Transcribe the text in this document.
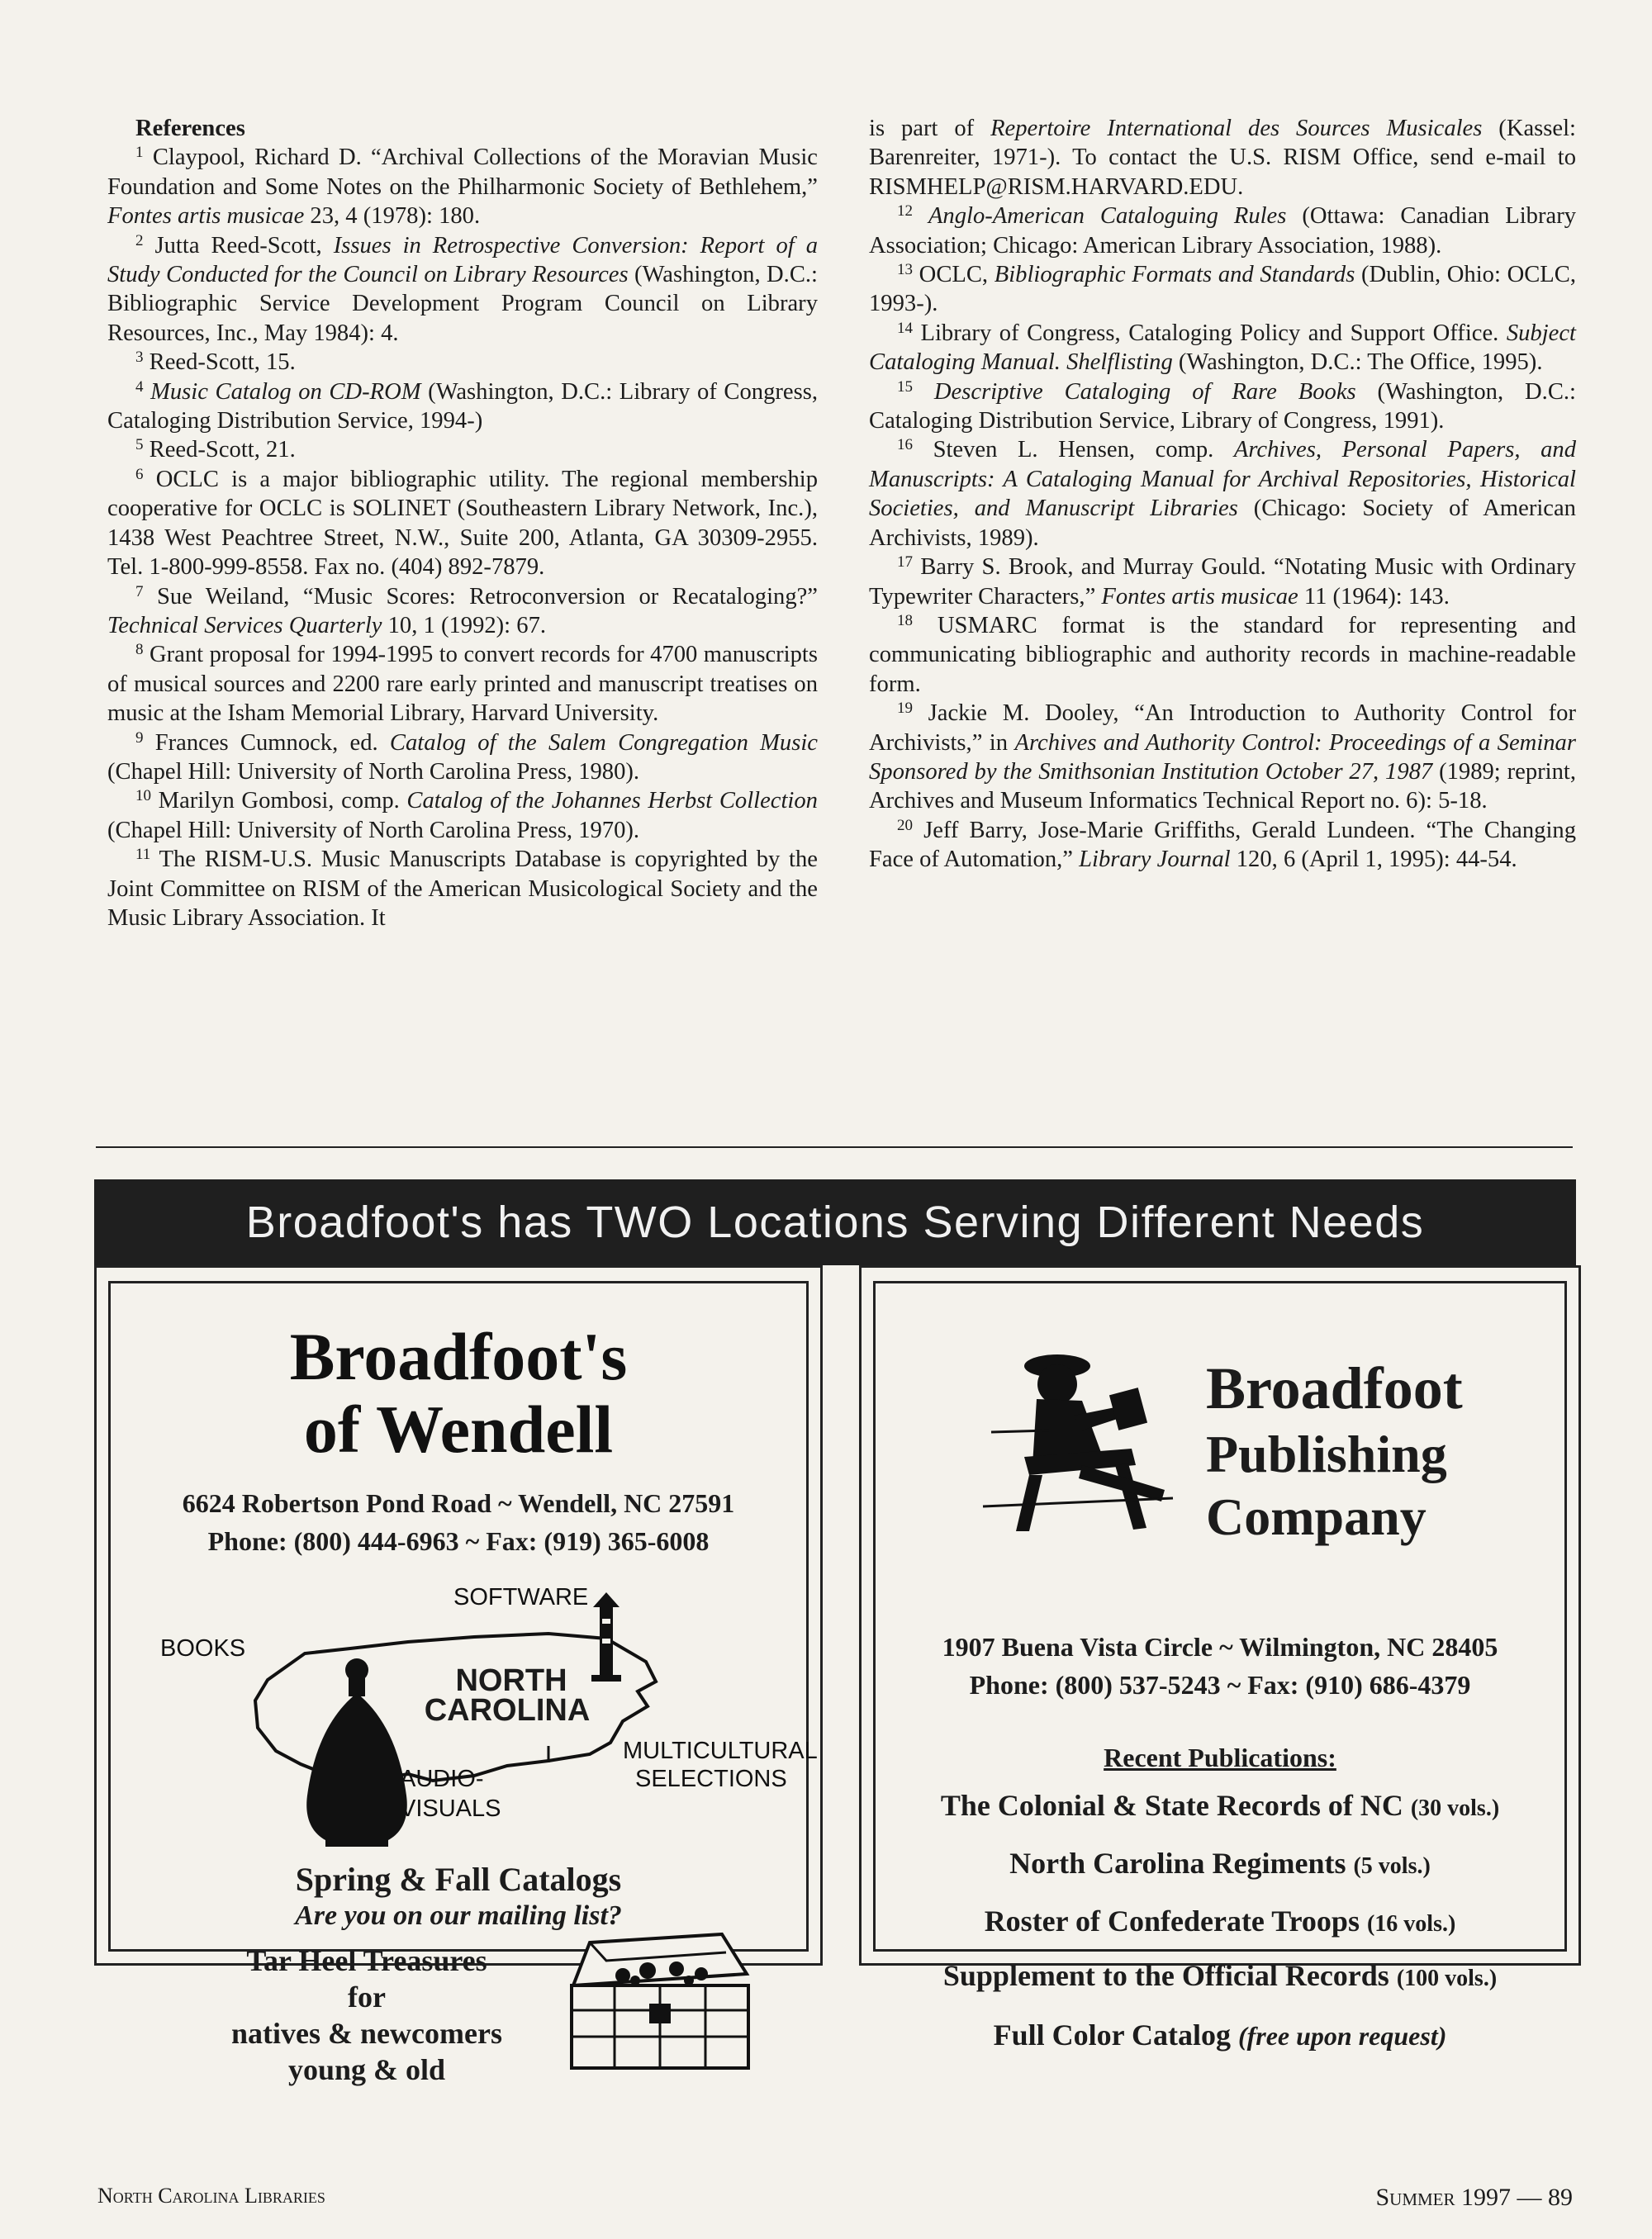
References

$^1$ Claypool, Richard D. “Archival Collections of the Moravian Music Foundation and Some Notes on the Philharmonic Society of Bethlehem,” Fontes artis musicae 23, 4 (1978): 180.

$^2$ Jutta Reed-Scott, Issues in Retrospective Conversion: Report of a Study Conducted for the Council on Library Resources (Washington, D.C.: Bibliographic Service Development Program Council on Library Resources, Inc., May 1984): 4.

$^3$ Reed-Scott, 15.

$^4$ Music Catalog on CD-ROM (Washington, D.C.: Library of Congress, Cataloging Distribution Service, 1994-)

$^5$ Reed-Scott, 21.

$^6$ OCLC is a major bibliographic utility. The regional membership cooperative for OCLC is SOLINET (Southeastern Library Network, Inc.), 1438 West Peachtree Street, N.W., Suite 200, Atlanta, GA 30309-2955. Tel. 1-800-999-8558. Fax no. (404) 892-7879.

$^7$ Sue Weiland, “Music Scores: Retroconversion or Recataloging?” Technical Services Quarterly 10, 1 (1992): 67.

$^8$ Grant proposal for 1994-1995 to convert records for 4700 manuscripts of musical sources and 2200 rare early printed and manuscript treatises on music at the Isham Memorial Library, Harvard University.

$^9$ Frances Cumnock, ed. Catalog of the Salem Congregation Music (Chapel Hill: University of North Carolina Press, 1980).

$^{10}$ Marilyn Gombosi, comp. Catalog of the Johannes Herbst Collection (Chapel Hill: University of North Carolina Press, 1970).

$^{11}$ The RISM-U.S. Music Manuscripts Database is copyrighted by the Joint Committee on RISM of the American Musicological Society and the Music Library Association. It

is part of Repertoire International des Sources Musicales (Kassel: Barenreiter, 1971-). To contact the U.S. RISM Office, send e-mail to RISMHELP@RISM.HARVARD.EDU.

$^{12}$ Anglo-American Cataloguing Rules (Ottawa: Canadian Library Association; Chicago: American Library Association, 1988).

$^{13}$ OCLC, Bibliographic Formats and Standards (Dublin, Ohio: OCLC, 1993-).

$^{14}$ Library of Congress, Cataloging Policy and Support Office. Subject Cataloging Manual. Shelflisting (Washington, D.C.: The Office, 1995).

$^{15}$ Descriptive Cataloging of Rare Books (Washington, D.C.: Cataloging Distribution Service, Library of Congress, 1991).

$^{16}$ Steven L. Hensen, comp. Archives, Personal Papers, and Manuscripts: A Cataloging Manual for Archival Repositories, Historical Societies, and Manuscript Libraries (Chicago: Society of American Archivists, 1989).

$^{17}$ Barry S. Brook, and Murray Gould. “Notating Music with Ordinary Typewriter Characters,” Fontes artis musicae 11 (1964): 143.

$^{18}$ USMARC format is the standard for representing and communicating bibliographic and authority records in machine-readable form.

$^{19}$ Jackie M. Dooley, “An Introduction to Authority Control for Archivists,” in Archives and Authority Control: Proceedings of a Seminar Sponsored by the Smithsonian Institution October 27, 1987 (1989; reprint, Archives and Museum Informatics Technical Report no. 6): 5-18.

$^{20}$ Jeff Barry, Jose-Marie Griffiths, Gerald Lundeen. “The Changing Face of Automation,” Library Journal 120, 6 (April 1, 1995): 44-54.

Broadfoot's has TWO Locations Serving Different Needs
Broadfoot's
of Wendell
6624 Robertson Pond Road ~ Wendell, NC 27591
Phone: (800) 444-6963 ~ Fax: (919) 365-6008
SOFTWARE
BOOKS
NORTH
CAROLINA
MULTICULTURAL
SELECTIONS
AUDIO-
VISUALS
Spring & Fall Catalogs
Are you on our mailing list?
Tar Heel Treasures
for
natives & newcomers
young & old
Broadfoot
Publishing
Company
1907 Buena Vista Circle ~ Wilmington, NC 28405
Phone: (800) 537-5243 ~ Fax: (910) 686-4379
Recent Publications:
The Colonial & State Records of NC (30 vols.)
North Carolina Regiments (5 vols.)
Roster of Confederate Troops (16 vols.)
Supplement to the Official Records (100 vols.)
Full Color Catalog (free upon request)
North Carolina Libraries	Summer 1997 — 89
